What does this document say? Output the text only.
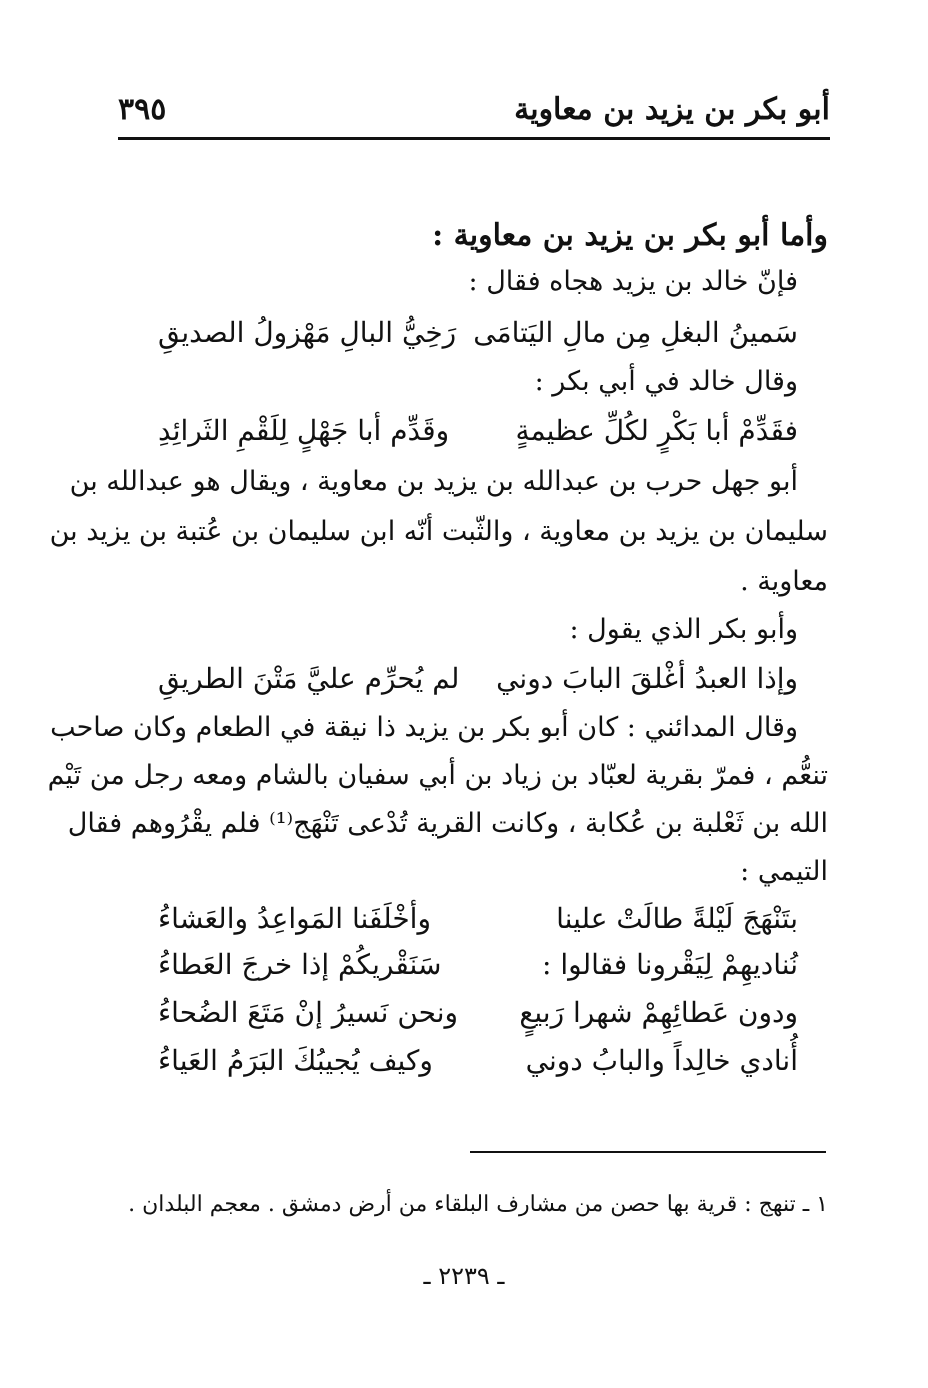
أبو بكر بن يزيد بن معاوية
٣٩٥
وأما أبو بكر بن يزيد بن معاوية :
فإنّ خالد بن يزيد هجاه فقال :
سَمينُ البغلِ مِن مالِ اليَتامَى
رَخِيُّ البالِ مَهْزولُ الصديقِ
وقال خالد في أبي بكر :
فقَدِّمْ أبا بَكْرٍ لكُلِّ عظيمةٍ
وقَدِّم أبا جَهْلٍ لِلَقْمِ الثَرائِدِ
أبو جهل حرب بن عبدالله بن يزيد بن معاوية ، ويقال هو عبدالله بن
سليمان بن يزيد بن معاوية ، والثّبت أنّه ابن سليمان بن عُتبة بن يزيد بن
معاوية .
وأبو بكر الذي يقول :
وإذا العبدُ أغْلقَ البابَ دوني
لم يُحرِّم عليَّ مَتْنَ الطريقِ
وقال المدائني : كان أبو بكر بن يزيد ذا نيقة في الطعام وكان صاحب
تنعُّم ، فمرّ بقرية لعبّاد بن زياد بن أبي سفيان بالشام ومعه رجل من تَيْم
الله بن ثَعْلبة بن عُكابة ، وكانت القرية تُدْعى تَنْهَج⁽¹⁾ فلم يقْرُوهم فقال
التيمي :
بتَنْهَجَ لَيْلةً طالَتْ علينا
وأخْلَفَنا المَواعِدُ والعَشاءُ
نُناديهِمْ لِيَقْرونا فقالوا :
سَنَقْريكُمْ إذا خرجَ العَطاءُ
ودون عَطائِهِمْ شهرا رَبيعٍ
ونحن نَسيرُ إنْ مَتَعَ الضُحاءُ
أُنادي خالِداً والبابُ دوني
وكيف يُجيبُكَ البَرَمُ العَياءُ
١ ـ تنهج : قرية بها حصن من مشارف البلقاء من أرض دمشق . معجم البلدان .
ـ ٢٢٣٩ ـ
